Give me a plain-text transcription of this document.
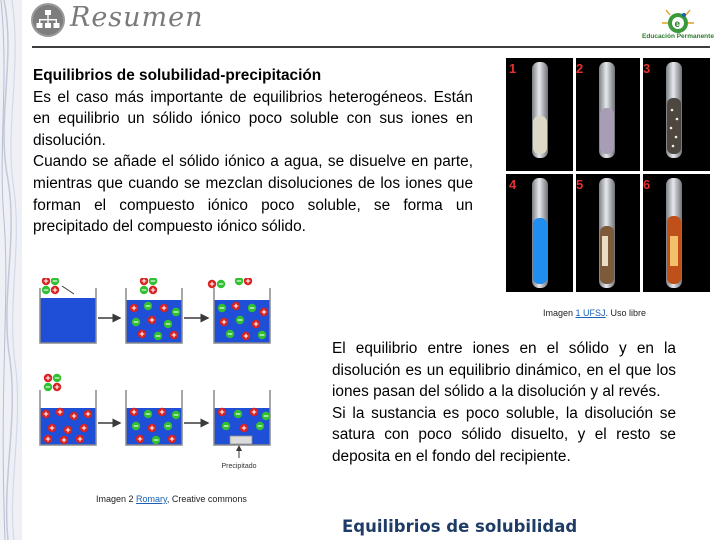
Resumen	e
Educación Permanente
Equilibrios de solubilidad-precipitación
Es el caso más importante de equilibrios heterogéneos. Están en equilibrio un sólido iónico poco soluble con sus iones en disolución.
Cuando se añade el sólido iónico a agua, se disuelve en parte, mientras que cuando se mezclan disoluciones de los iones que forman el compuesto iónico poco soluble, se forma un precipitado del compuesto iónico sólido.
1	2	3
4	5	6
Imagen 1 UFSJ. Uso libre
Precipitado
Imagen 2 Romary, Creative commons
El equilibrio entre iones en el sólido y en la disolución es un equilibrio dinámico, en el que los iones pasan del sólido a la disolución y al revés.
Si la sustancia es poco soluble, la disolución se satura con poco sólido disuelto, y el resto se deposita en el fondo del recipiente.
Equilibrios de solubilidad
